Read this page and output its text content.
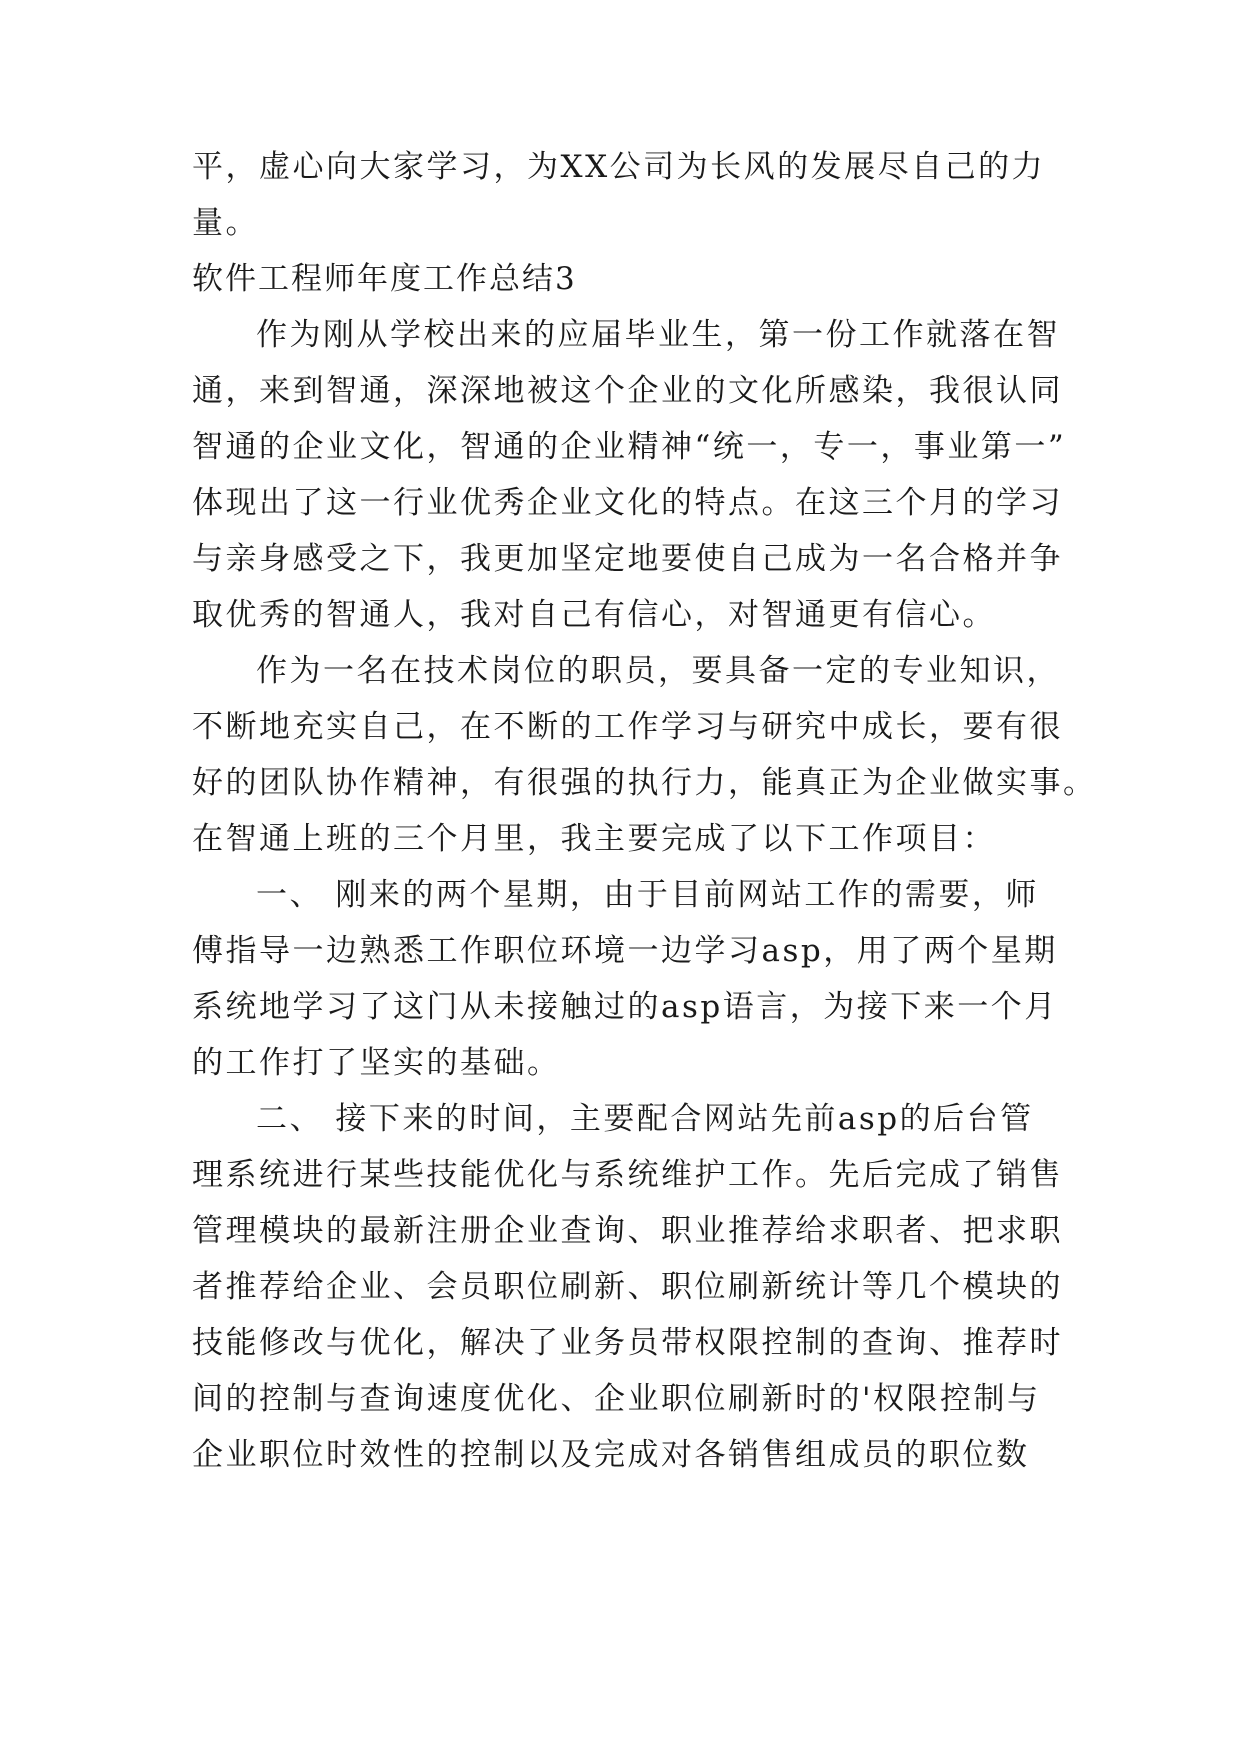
平，虚心向大家学习，为XX公司为长风的发展尽自己的力
量。
软件工程师年度工作总结3
作为刚从学校出来的应届毕业生，第一份工作就落在智
通，来到智通，深深地被这个企业的文化所感染，我很认同
智通的企业文化，智通的企业精神“统一，专一，事业第一”
体现出了这一行业优秀企业文化的特点。在这三个月的学习
与亲身感受之下，我更加坚定地要使自己成为一名合格并争
取优秀的智通人，我对自己有信心，对智通更有信心。
作为一名在技术岗位的职员，要具备一定的专业知识，
不断地充实自己，在不断的工作学习与研究中成长，要有很
好的团队协作精神，有很强的执行力，能真正为企业做实事。
在智通上班的三个月里，我主要完成了以下工作项目：
一、 刚来的两个星期，由于目前网站工作的需要，师
傅指导一边熟悉工作职位环境一边学习asp，用了两个星期
系统地学习了这门从未接触过的asp语言，为接下来一个月
的工作打了坚实的基础。
二、 接下来的时间，主要配合网站先前asp的后台管
理系统进行某些技能优化与系统维护工作。先后完成了销售
管理模块的最新注册企业查询、职业推荐给求职者、把求职
者推荐给企业、会员职位刷新、职位刷新统计等几个模块的
技能修改与优化，解决了业务员带权限控制的查询、推荐时
间的控制与查询速度优化、企业职位刷新时的'权限控制与
企业职位时效性的控制以及完成对各销售组成员的职位数
